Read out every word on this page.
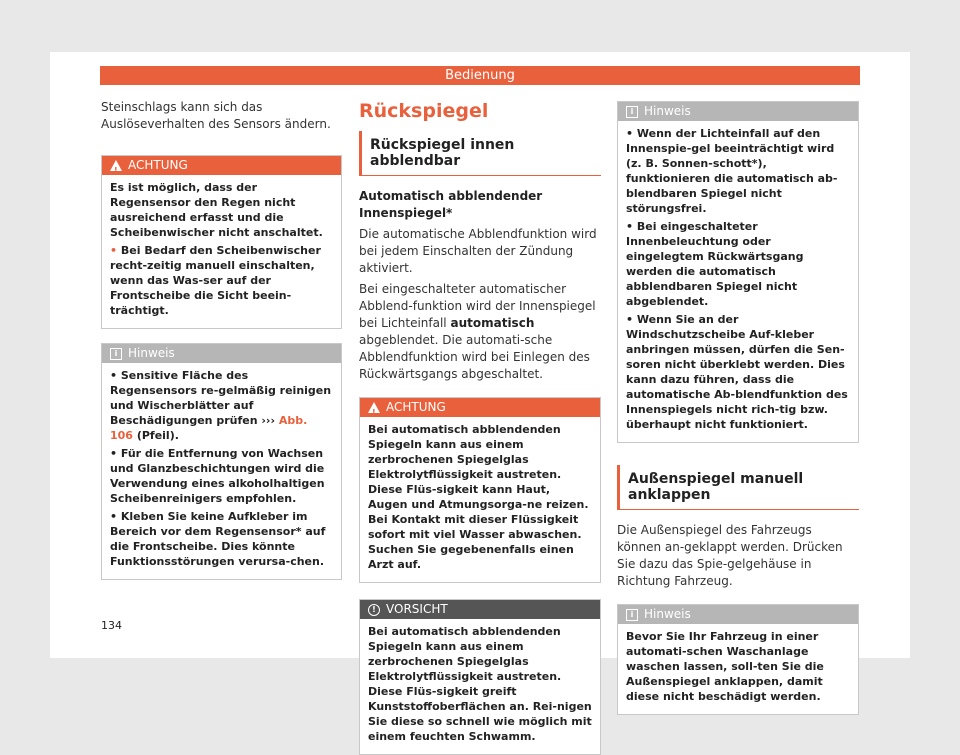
Bedienung

Steinschlags kann sich das Auslöseverhalten des Sensors ändern.

!
ACHTUNG

Es ist möglich, dass der Regensensor den Regen nicht ausreichend erfasst und die Scheibenwischer nicht anschaltet.

• Bei Bedarf den Scheibenwischer recht-zeitig manuell einschalten, wenn das Was-ser auf der Frontscheibe die Sicht beein-trächtigt.

i Hinweis

• Sensitive Fläche des Regensensors re-gelmäßig reinigen und Wischerblätter auf Beschädigungen prüfen ››› Abb. 106 (Pfeil).

• Für die Entfernung von Wachsen und Glanzbeschichtungen wird die Verwendung eines alkoholhaltigen Scheibenreinigers empfohlen.

• Kleben Sie keine Aufkleber im Bereich vor dem Regensensor* auf die Frontscheibe. Dies könnte Funktionsstörungen verursa-chen.

Rückspiegel
Rückspiegel innen abblendbar
Automatisch abblendender Innenspiegel*

Die automatische Abblendfunktion wird bei jedem Einschalten der Zündung aktiviert.

Bei eingeschalteter automatischer Abblend-funktion wird der Innenspiegel bei Lichteinfall automatisch abgeblendet. Die automati-sche Abblendfunktion wird bei Einlegen des Rückwärtsgangs abgeschaltet.

!
ACHTUNG

Bei automatisch abblendenden Spiegeln kann aus einem zerbrochenen Spiegelglas Elektrolytflüssigkeit austreten. Diese Flüs-sigkeit kann Haut, Augen und Atmungsorga-ne reizen. Bei Kontakt mit dieser Flüssigkeit sofort mit viel Wasser abwaschen. Suchen Sie gegebenenfalls einen Arzt auf.

! VORSICHT

Bei automatisch abblendenden Spiegeln kann aus einem zerbrochenen Spiegelglas Elektrolytflüssigkeit austreten. Diese Flüs-sigkeit greift Kunststoffoberflächen an. Rei-nigen Sie diese so schnell wie möglich mit einem feuchten Schwamm.

i Hinweis

• Wenn der Lichteinfall auf den Innenspie-gel beeinträchtigt wird (z. B. Sonnen-schott*), funktionieren die automatisch ab-blendbaren Spiegel nicht störungsfrei.

• Bei eingeschalteter Innenbeleuchtung oder eingelegtem Rückwärtsgang werden die automatisch abblendbaren Spiegel nicht abgeblendet.

• Wenn Sie an der Windschutzscheibe Auf-kleber anbringen müssen, dürfen die Sen-soren nicht überklebt werden. Dies kann dazu führen, dass die automatische Ab-blendfunktion des Innenspiegels nicht rich-tig bzw. überhaupt nicht funktioniert.

Außenspiegel manuell anklappen

Die Außenspiegel des Fahrzeugs können an-geklappt werden. Drücken Sie dazu das Spie-gelgehäuse in Richtung Fahrzeug.

i Hinweis

Bevor Sie Ihr Fahrzeug in einer automati-schen Waschanlage waschen lassen, soll-ten Sie die Außenspiegel anklappen, damit diese nicht beschädigt werden.

134
